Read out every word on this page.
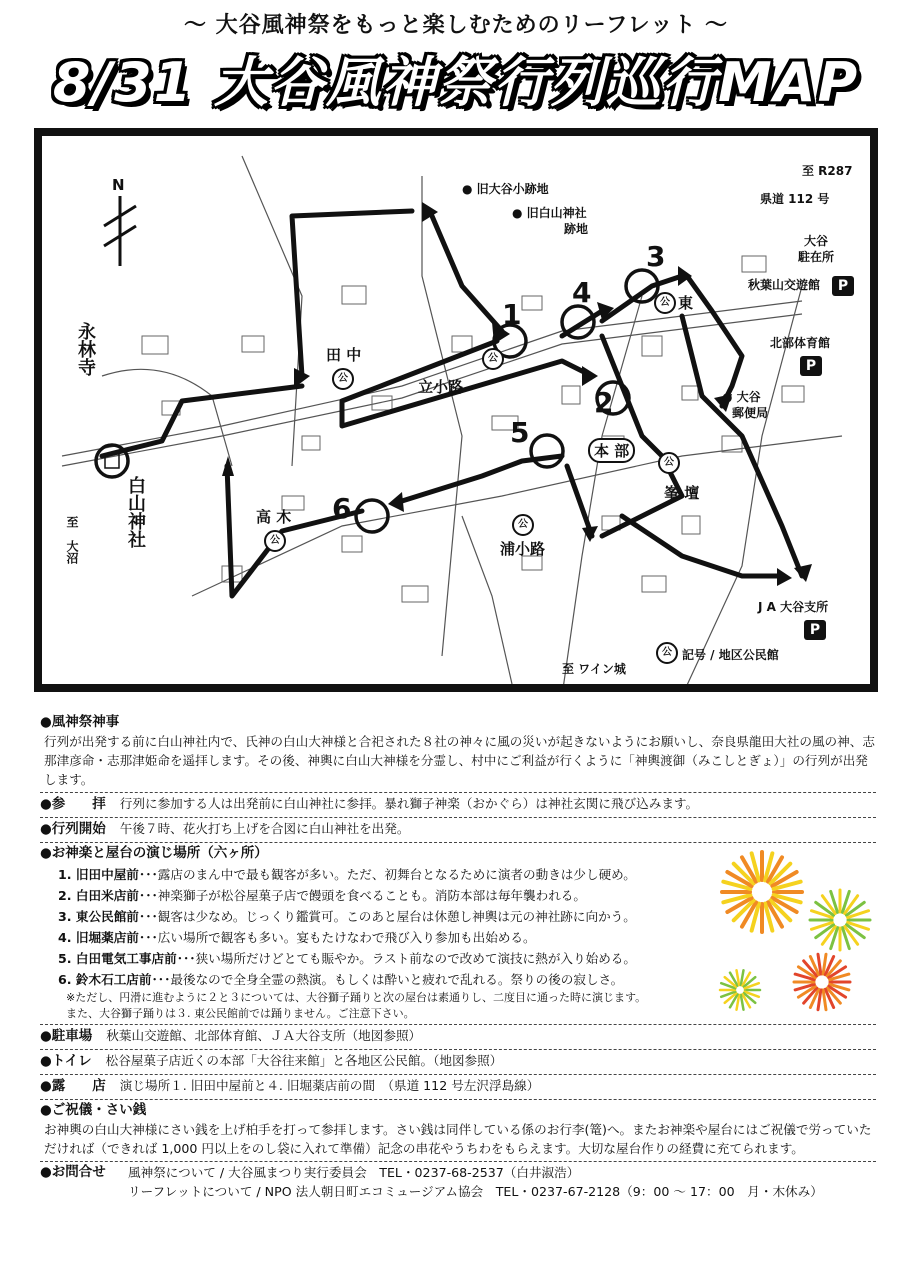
～ 大谷風神祭をもっと楽しむためのリーフレット ～
8/31 大谷風神祭行列巡行MAP
N	● 旧大谷小跡地
● 旧白山神社
跡地
至 R287
県道 112 号
大谷
駐在所
秋葉山交遊館	P
北部体育館
P
● 大谷
郵便局
永林寺
白山神社
至　大沼
田 中
公	立小路
公
本 部
公 東
高 木
公
公
浦小路
公
峯 壇
J A 大谷支所
P
至 ワイン城
公 記号 / 地区公民館
1
2
3
4
5
6
●風神祭神事
行列が出発する前に白山神社内で、氏神の白山大神様と合祀された８社の神々に風の災いが起きないようにお願いし、奈良県龍田大社の風の神、志那津彦命・志那津姫命を遥拝します。その後、神輿に白山大神様を分霊し、村中にご利益が行くように「神輿渡御（みこしとぎょ）」の行列が出発します。
●参　　拝 行列に参加する人は出発前に白山神社に参拝。暴れ獅子神楽（おかぐら）は神社玄関に飛び込みます。
●行列開始 午後７時、花火打ち上げを合図に白山神社を出発。
●お神楽と屋台の演じ場所（六ヶ所）
1. 旧田中屋前･･･露店のまん中で最も観客が多い。ただ、初舞台となるために演者の動きは少し硬め。
2. 白田米店前･･･神楽獅子が松谷屋菓子店で饅頭を食べることも。消防本部は毎年襲われる。
3. 東公民館前･･･観客は少なめ。じっくり鑑賞可。このあと屋台は休憩し神輿は元の神社跡に向かう。
4. 旧堀薬店前･･･広い場所で観客も多い。宴もたけなわで飛び入り参加も出始める。
5. 白田電気工事店前･･･狭い場所だけどとても賑やか。ラスト前なので改めて演技に熱が入り始める。
6. 鈴木石工店前･･･最後なので全身全霊の熱演。もしくは酔いと疲れで乱れる。祭りの後の寂しさ。
※ただし、円滑に進むように２と３については、大谷獅子踊りと次の屋台は素通りし、二度目に通った時に演じます。
また、大谷獅子踊りは３. 東公民館前では踊りません。ご注意下さい。
●駐車場 秋葉山交遊館、北部体育館、ＪＡ大谷支所（地図参照）
●トイレ 松谷屋菓子店近くの本部「大谷往来館」と各地区公民館。（地図参照）
●露　　店 演じ場所１. 旧田中屋前と４. 旧堀薬店前の間　（県道 112 号左沢浮島線）
●ご祝儀・さい銭
お神輿の白山大神様にさい銭を上げ柏手を打って参拝します。さい銭は同伴している係のお行李(篭)へ。またお神楽や屋台にはご祝儀で労っていただければ（できれば 1,000 円以上をのし袋に入れて準備）記念の串花やうちわをもらえます。大切な屋台作りの経費に充てられます。
●お問合せ	風神祭について / 大谷風まつり実行委員会　TEL・0237-68-2537（白井淑浩）
リーフレットについて / NPO 法人朝日町エコミュージアム協会　TEL・0237-67-2128（9：00 ～ 17：00　月・木休み）
